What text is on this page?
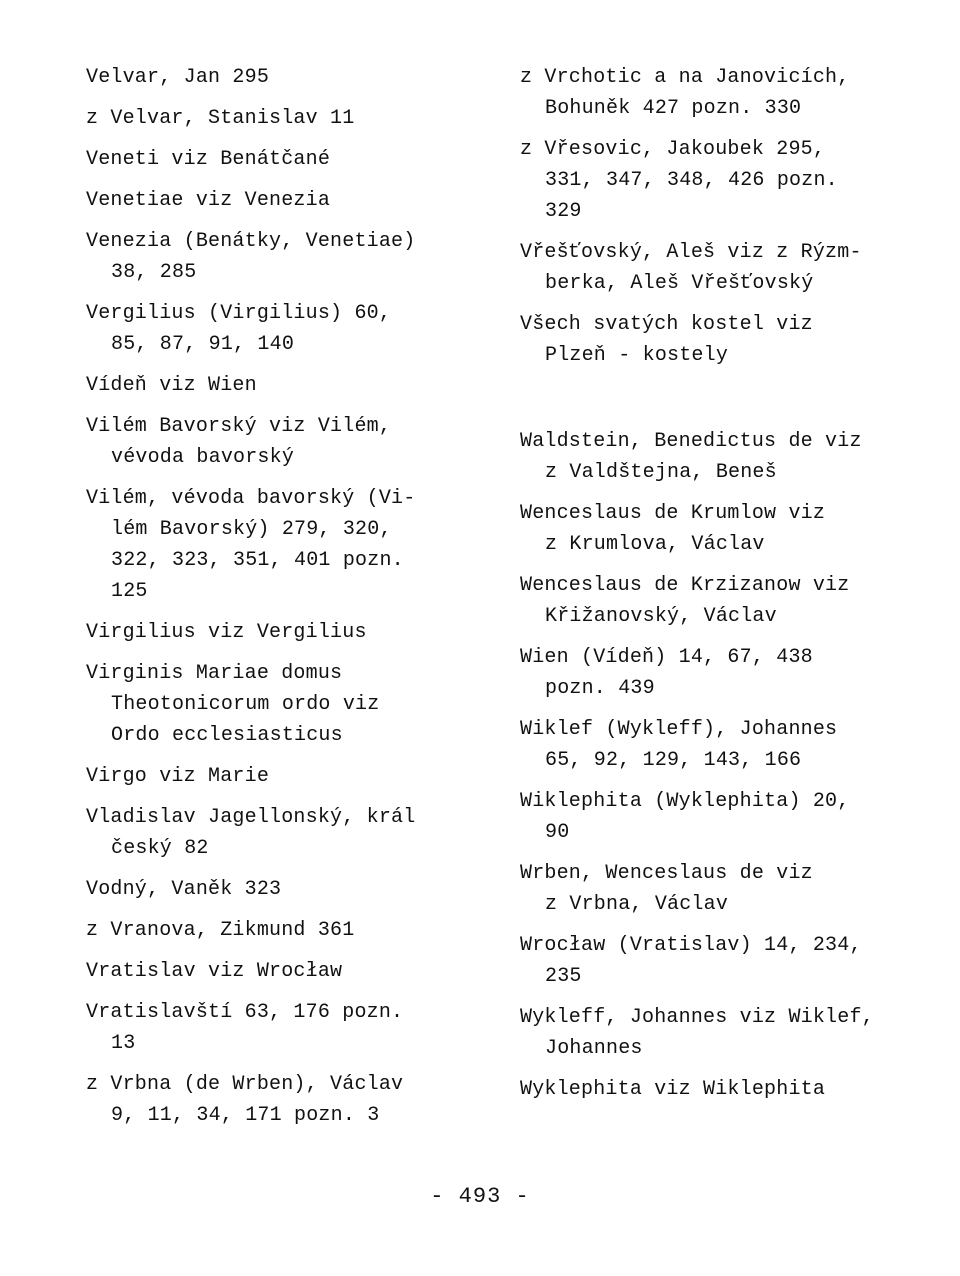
Velvar, Jan 295
z Velvar, Stanislav 11
Veneti viz Benátčané
Venetiae viz Venezia
Venezia (Benátky, Venetiae)
38, 285
Vergilius (Virgilius) 60,
85, 87, 91, 140
Vídeň viz Wien
Vilém Bavorský viz Vilém,
vévoda bavorský
Vilém, vévoda bavorský (Vi-
lém Bavorský) 279, 320,
322, 323, 351, 401 pozn.
125
Virgilius viz Vergilius
Virginis Mariae domus
Theotonicorum ordo viz
Ordo ecclesiasticus
Virgo viz Marie
Vladislav Jagellonský, král
český 82
Vodný, Vaněk 323
z Vranova, Zikmund 361
Vratislav viz Wrocław
Vratislavští 63, 176 pozn.
13
z Vrbna (de Wrben), Václav
9, 11, 34, 171 pozn. 3
z Vrchotic a na Janovicích,
Bohuněk 427 pozn. 330
z Vřesovic, Jakoubek 295,
331, 347, 348, 426 pozn.
329
Vřešťovský, Aleš viz z Rýzm-
berka, Aleš Vřešťovský
Všech svatých kostel viz
Plzeň - kostely
Waldstein, Benedictus de viz
z Valdštejna, Beneš
Wenceslaus de Krumlow viz
z Krumlova, Václav
Wenceslaus de Krzizanow viz
Křižanovský, Václav
Wien (Vídeň) 14, 67, 438
pozn. 439
Wiklef (Wykleff), Johannes
65, 92, 129, 143, 166
Wiklephita (Wyklephita) 20,
90
Wrben, Wenceslaus de viz
z Vrbna, Václav
Wrocław (Vratislav) 14, 234,
235
Wykleff, Johannes viz Wiklef,
Johannes
Wyklephita viz Wiklephita
- 493 -
